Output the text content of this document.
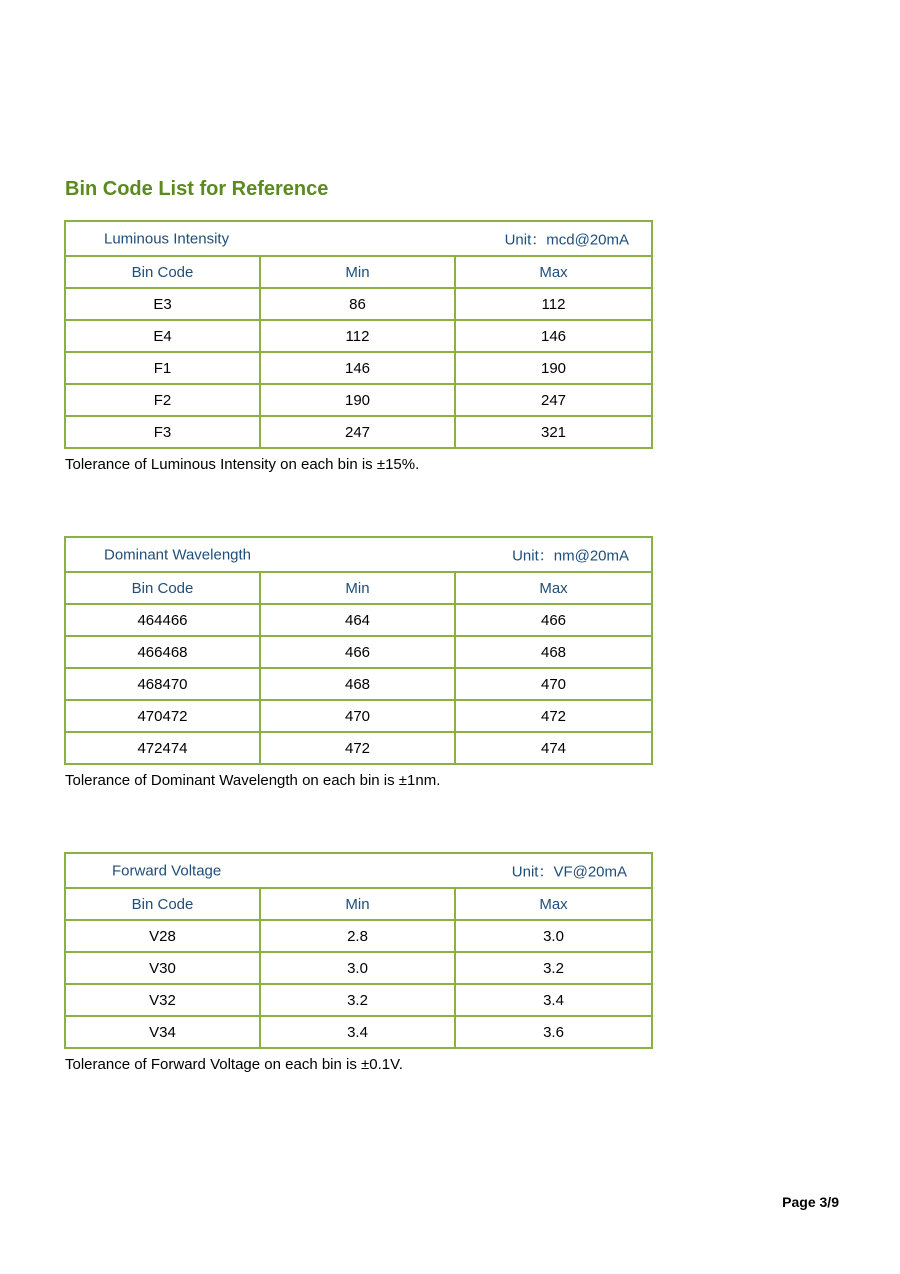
Bin Code List for Reference
Luminous Intensity Unit：mcd@20mA		

Bin Code	Min	Max
E3	86	112
E4	112	146
F1	146	190
F2	190	247
F3	247	321

Tolerance of Luminous Intensity on each bin is ±15%.

Dominant Wavelength Unit：nm@20mA		

Bin Code	Min	Max
464466	464	466
466468	466	468
468470	468	470
470472	470	472
472474	472	474

Tolerance of Dominant Wavelength on each bin is ±1nm.

Forward Voltage Unit：VF@20mA		

Bin Code	Min	Max
V28	2.8	3.0
V30	3.0	3.2
V32	3.2	3.4
V34	3.4	3.6

Tolerance of Forward Voltage on each bin is ±0.1V.

Page 3/9
